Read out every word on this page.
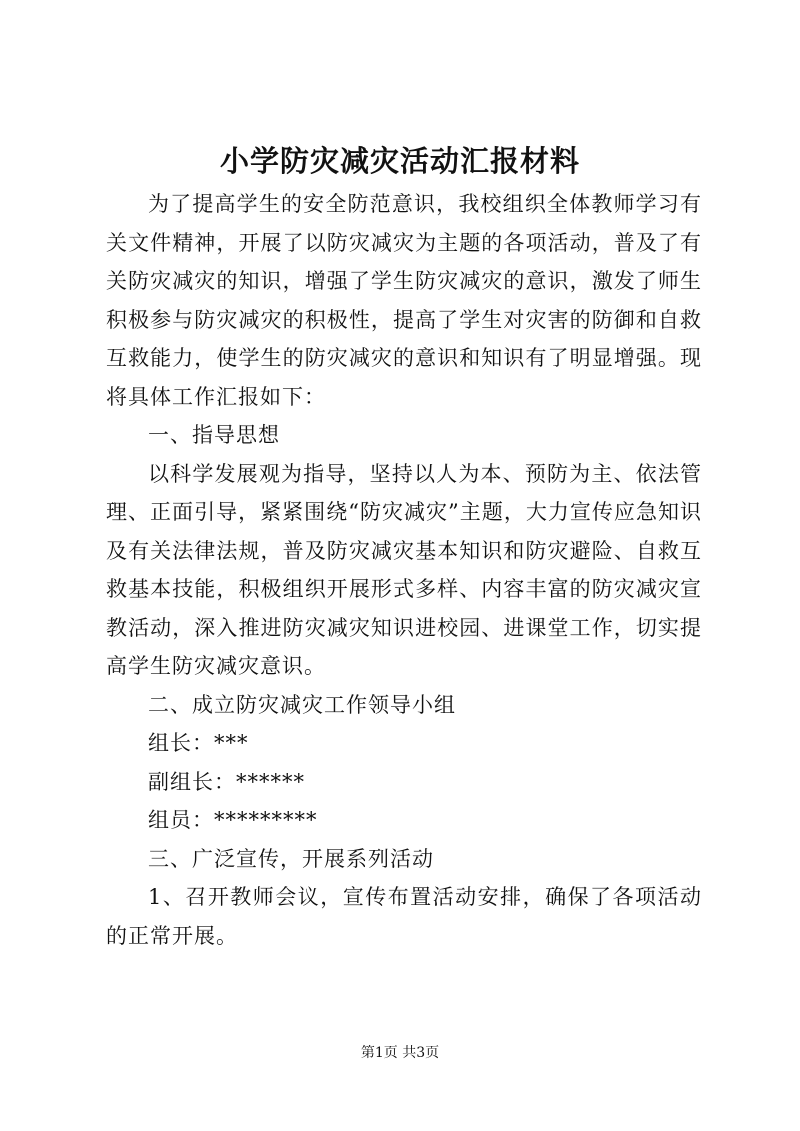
小学防灾减灾活动汇报材料

为了提高学生的安全防范意识，我校组织全体教师学习有关文件精神，开展了以防灾减灾为主题的各项活动，普及了有关防灾减灾的知识，增强了学生防灾减灾的意识，激发了师生积极参与防灾减灾的积极性，提高了学生对灾害的防御和自救互救能力，使学生的防灾减灾的意识和知识有了明显增强。现将具体工作汇报如下：

一、指导思想

以科学发展观为指导，坚持以人为本、预防为主、依法管理、正面引导，紧紧围绕“防灾减灾”主题，大力宣传应急知识及有关法律法规，普及防灾减灾基本知识和防灾避险、自救互救基本技能，积极组织开展形式多样、内容丰富的防灾减灾宣教活动，深入推进防灾减灾知识进校园、进课堂工作，切实提高学生防灾减灾意识。

二、成立防灾减灾工作领导小组

组长：***

副组长：******

组员：*********

三、广泛宣传，开展系列活动

1、召开教师会议，宣传布置活动安排，确保了各项活动的正常开展。

第1页 共3页
